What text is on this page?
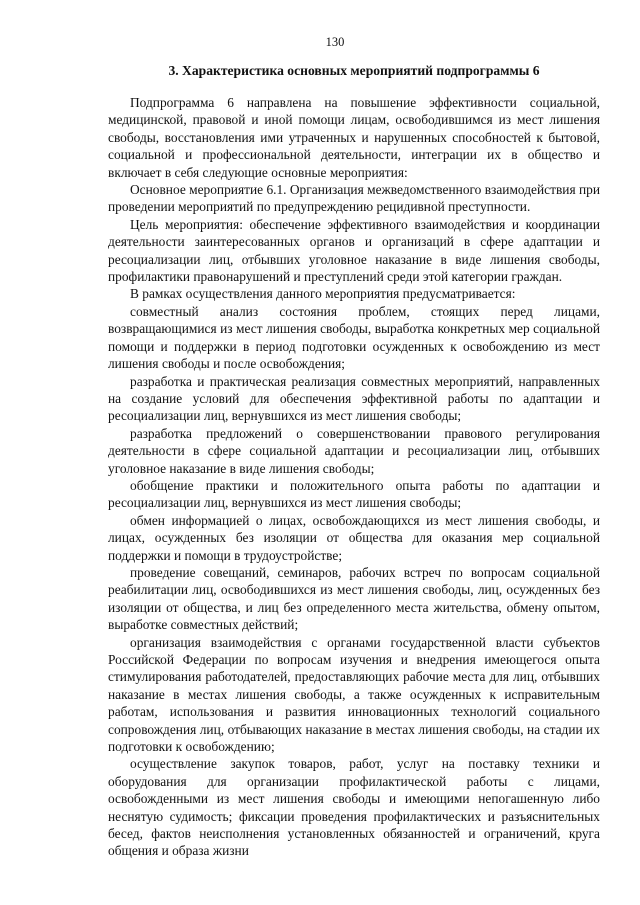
130
3. Характеристика основных мероприятий подпрограммы 6

Подпрограмма 6 направлена на повышение эффективности социальной, медицинской, правовой и иной помощи лицам, освободившимся из мест лишения свободы, восстановления ими утраченных и нарушенных способностей к бытовой, социальной и профессиональной деятельности, интеграции их в общество и включает в себя следующие основные мероприятия:

Основное мероприятие 6.1. Организация межведомственного взаимодействия при проведении мероприятий по предупреждению рецидивной преступности.

Цель мероприятия: обеспечение эффективного взаимодействия и координации деятельности заинтересованных органов и организаций в сфере адаптации и ресоциализации лиц, отбывших уголовное наказание в виде лишения свободы, профилактики правонарушений и преступлений среди этой категории граждан.

В рамках осуществления данного мероприятия предусматривается:

совместный анализ состояния проблем, стоящих перед лицами, возвращающимися из мест лишения свободы, выработка конкретных мер социальной помощи и поддержки в период подготовки осужденных к освобождению из мест лишения свободы и после освобождения;

разработка и практическая реализация совместных мероприятий, направленных на создание условий для обеспечения эффективной работы по адаптации и ресоциализации лиц, вернувшихся из мест лишения свободы;

разработка предложений о совершенствовании правового регулирования деятельности в сфере социальной адаптации и ресоциализации лиц, отбывших уголовное наказание в виде лишения свободы;

обобщение практики и положительного опыта работы по адаптации и ресоциализации лиц, вернувшихся из мест лишения свободы;

обмен информацией о лицах, освобождающихся из мест лишения свободы, и лицах, осужденных без изоляции от общества для оказания мер социальной поддержки и помощи в трудоустройстве;

проведение совещаний, семинаров, рабочих встреч по вопросам социальной реабилитации лиц, освободившихся из мест лишения свободы, лиц, осужденных без изоляции от общества, и лиц без определенного места жительства, обмену опытом, выработке совместных действий;

организация взаимодействия с органами государственной власти субъектов Российской Федерации по вопросам изучения и внедрения имеющегося опыта стимулирования работодателей, предоставляющих рабочие места для лиц, отбывших наказание в местах лишения свободы, а также осужденных к исправительным работам, использования и развития инновационных технологий социального сопровождения лиц, отбывающих наказание в местах лишения свободы, на стадии их подготовки к освобождению;

осуществление закупок товаров, работ, услуг на поставку техники и оборудования для организации профилактической работы с лицами, освобожденными из мест лишения свободы и имеющими непогашенную либо неснятую судимость; фиксации проведения профилактических и разъяснительных бесед, фактов неисполнения установленных обязанностей и ограничений, круга общения и образа жизни
